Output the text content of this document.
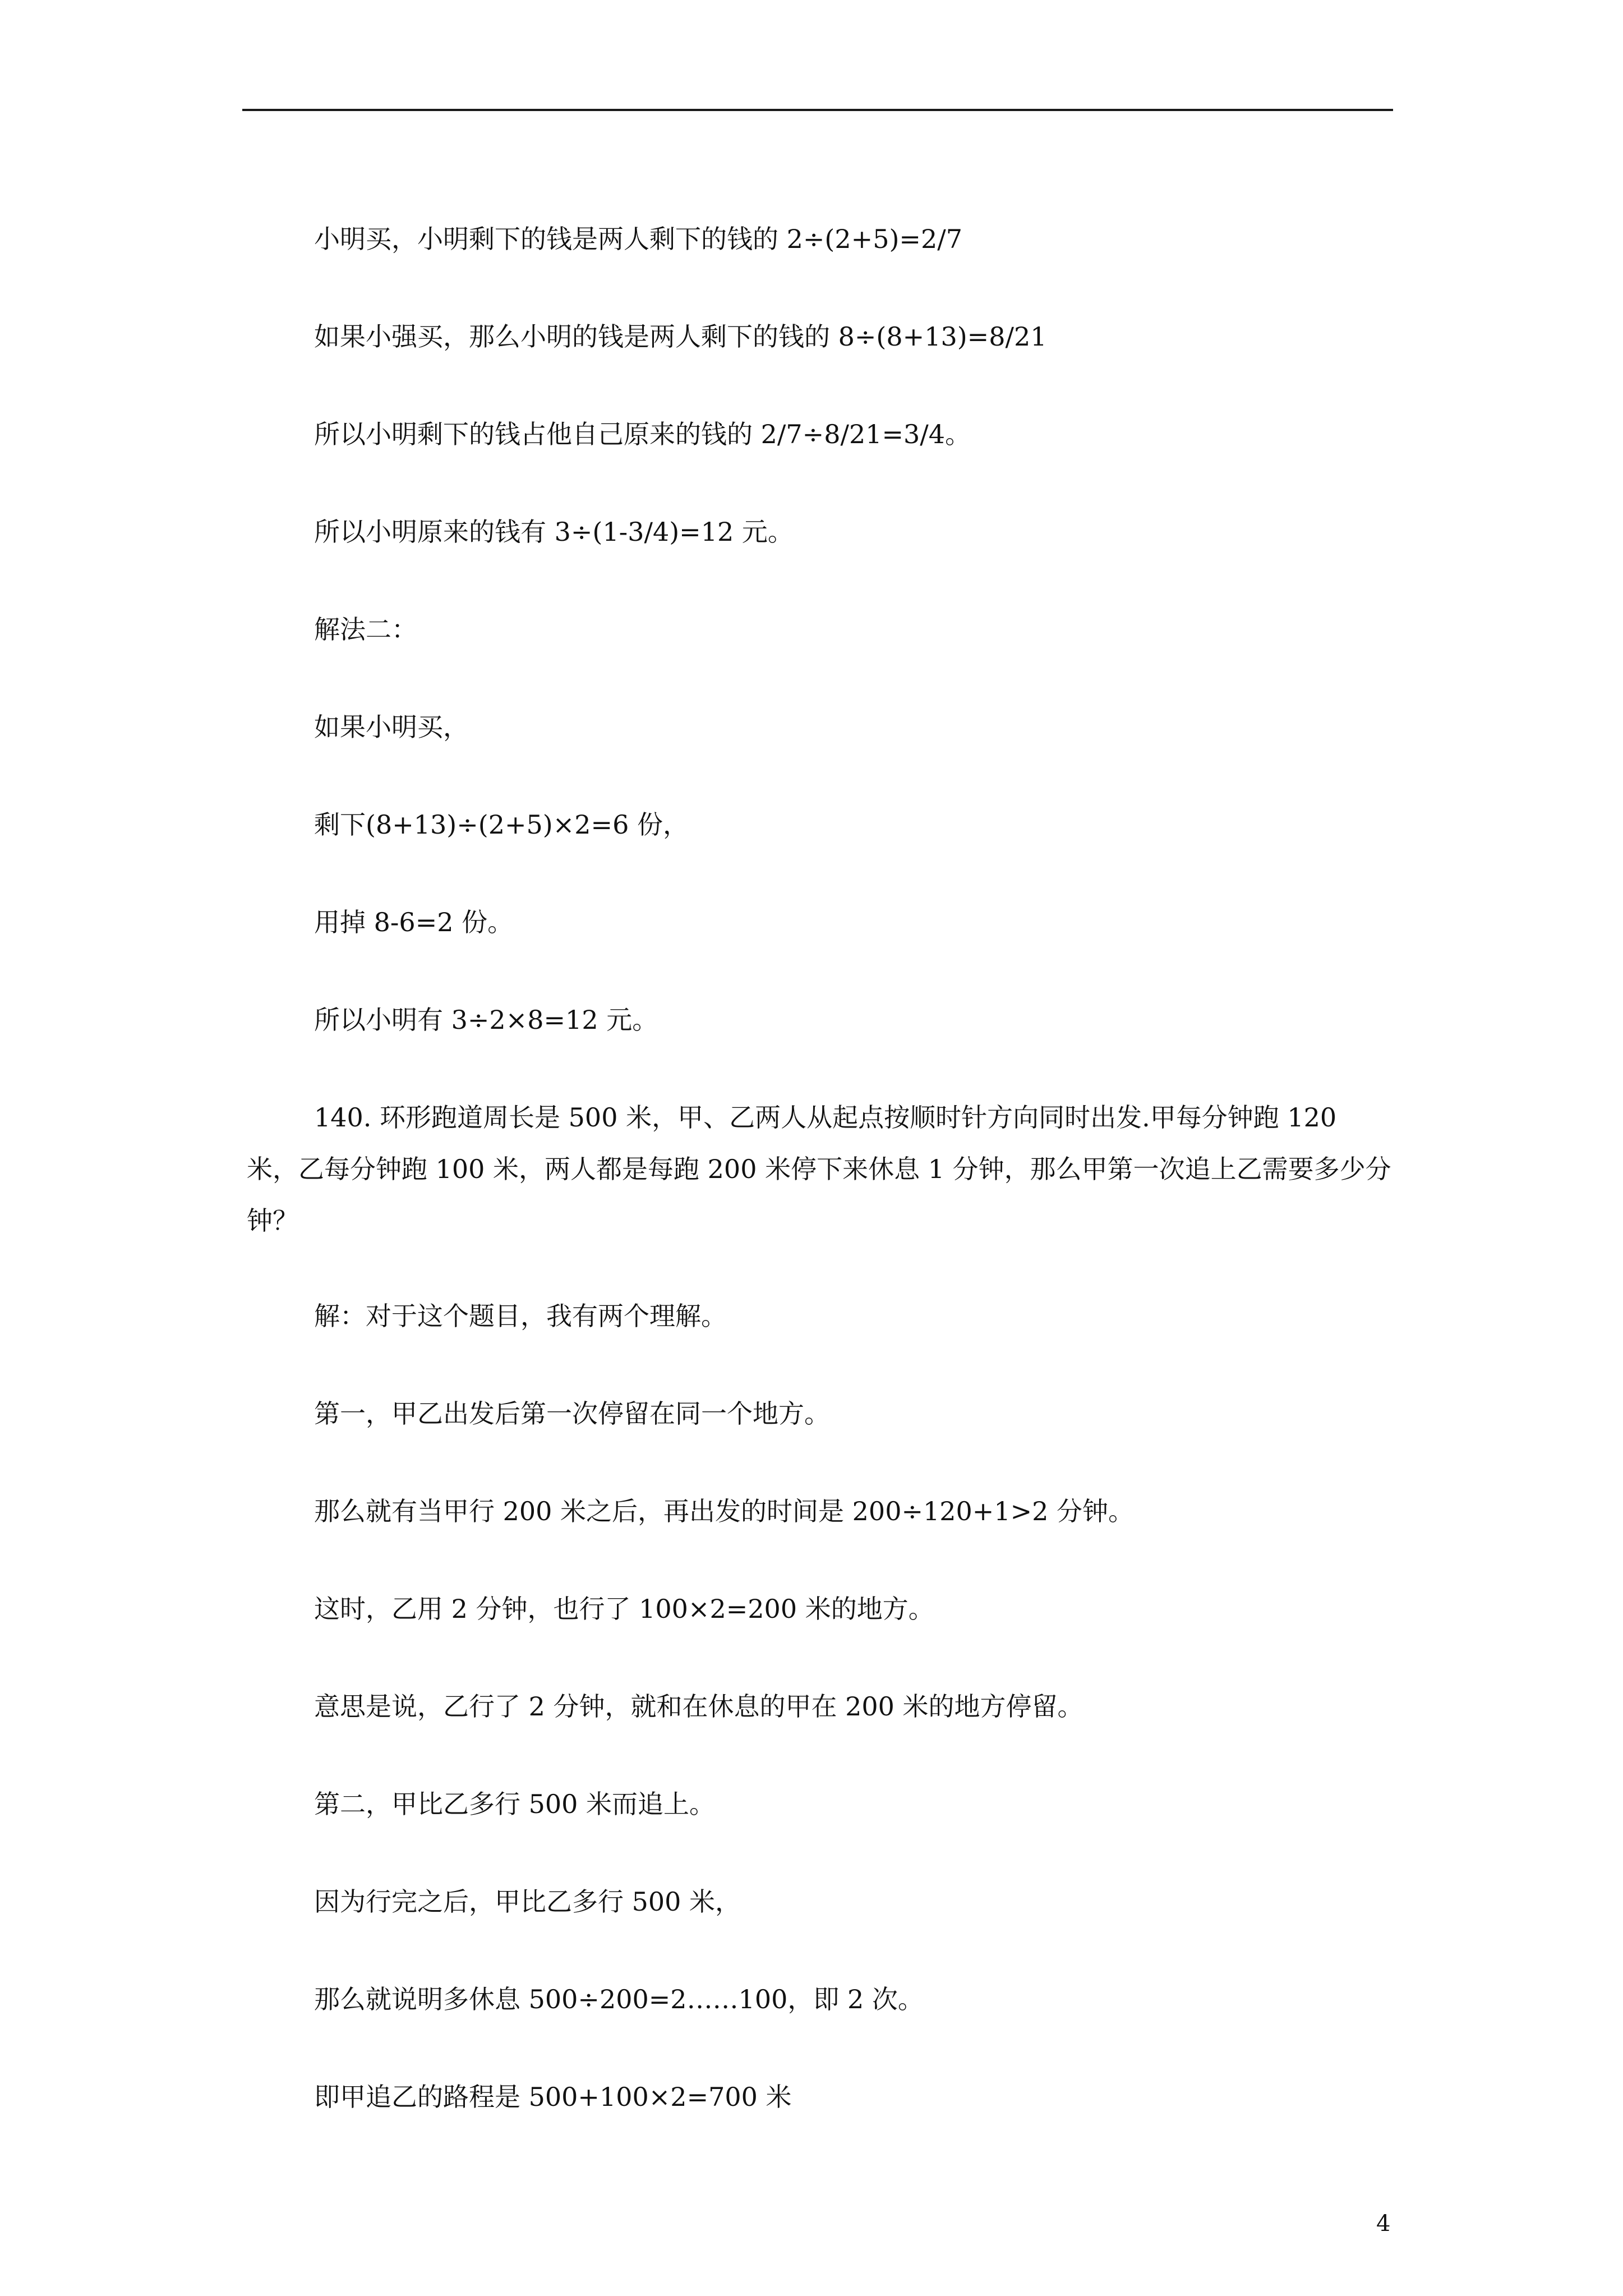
小明买，小明剩下的钱是两人剩下的钱的 2÷(2+5)=2/7

如果小强买，那么小明的钱是两人剩下的钱的 8÷(8+13)=8/21

所以小明剩下的钱占他自己原来的钱的 2/7÷8/21=3/4。

所以小明原来的钱有 3÷(1-3/4)=12 元。

解法二：

如果小明买，

剩下(8+13)÷(2+5)×2=6 份，

用掉 8-6=2 份。

所以小明有 3÷2×8=12 元。

140. 环形跑道周长是 500 米，甲、乙两人从起点按顺时针方向同时出发.甲每分钟跑 120 米，乙每分钟跑 100 米，两人都是每跑 200 米停下来休息 1 分钟，那么甲第一次追上乙需要多少分钟？

解：对于这个题目，我有两个理解。

第一，甲乙出发后第一次停留在同一个地方。

那么就有当甲行 200 米之后，再出发的时间是 200÷120+1>2 分钟。

这时，乙用 2 分钟，也行了 100×2=200 米的地方。

意思是说，乙行了 2 分钟，就和在休息的甲在 200 米的地方停留。

第二，甲比乙多行 500 米而追上。

因为行完之后，甲比乙多行 500 米，

那么就说明多休息 500÷200=2……100，即 2 次。

即甲追乙的路程是 500+100×2=700 米

4
